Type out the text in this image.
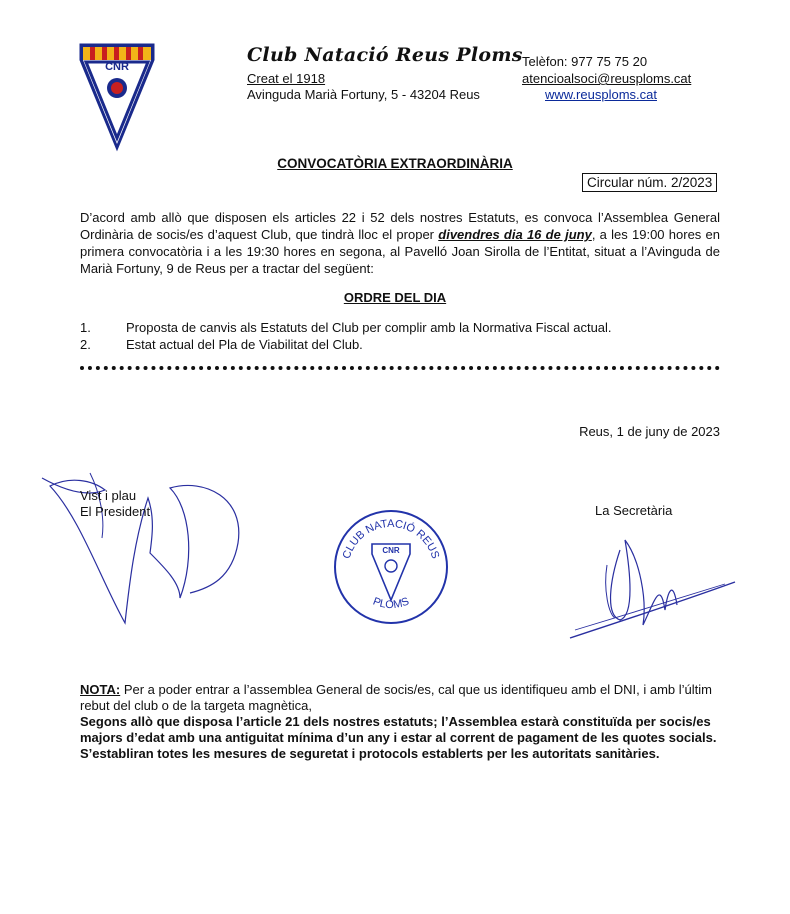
CNR
Club Natació Reus Ploms
Creat el 1918
Avinguda Marià Fortuny, 5 - 43204 Reus
Telèfon: 977 75 75 20
atencioalsoci@reusploms.cat
www.reusploms.cat
CONVOCATÒRIA EXTRAORDINÀRIA
Circular núm. 2/2023
D’acord amb allò que disposen els articles 22 i 52 dels nostres Estatuts, es convoca l’Assemblea General Ordinària de socis/es d’aquest Club, que tindrà lloc el proper divendres dia 16 de juny, a les 19:00 hores en primera convocatòria i a les 19:30 hores en segona, al Pavelló Joan Sirolla de l’Entitat, situat a l’Avinguda de Marià Fortuny, 9 de Reus per a tractar del següent:
ORDRE DEL DIA
1.	Proposta de canvis als Estatuts del Club per complir amb la Normativa Fiscal actual.
2.	Estat actual del Pla de Viabilitat del Club.
Reus, 1 de juny de 2023
Vist i plau
El President
CLUB NATACIÓ REUS
PLOMS
CNR
La Secretària

NOTA: Per a poder entrar a l’assemblea General de socis/es, cal que us identifiqueu amb el DNI, i amb l’últim rebut del club o de la targeta magnètica,

Segons allò que disposa l’article 21 dels nostres estatuts; l’Assemblea estarà constituïda per socis/es majors d’edat amb una antiguitat mínima d’un any i estar al corrent de pagament de les quotes socials.

S’establiran totes les mesures de seguretat i protocols establerts per les autoritats sanitàries.
